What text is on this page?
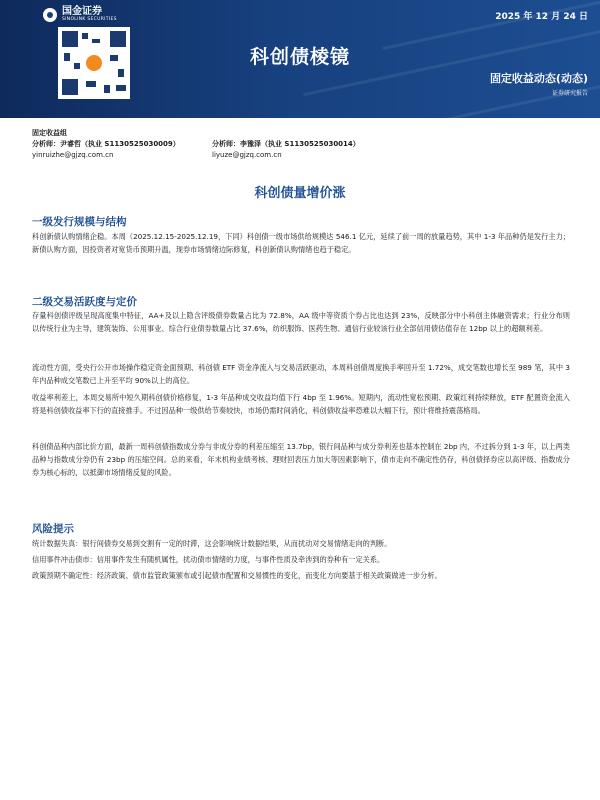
国金证券
SINOLINK SECURITIES	2025 年 12 月 24 日
科创债棱镜
固定收益动态(动态)
证券研究报告
固定收益组
分析师：尹睿哲（执业 S1130525030009）	分析师：李豫泽（执业 S1130525030014）
yinruizhe@gjzq.com.cn	liyuze@gjzq.com.cn
科创债量增价涨
一级发行规模与结构
科创新债认购情绪企稳。本周（2025.12.15-2025.12.19，下同）科创债一级市场供给规模达 546.1 亿元，延续了前一周的放量趋势，其中 1-3 年品种仍是发行主力；新债认购方面，因投资者对宽货币预期升温，现券市场情绪边际修复，科创新债认购情绪也趋于稳定。
二级交易活跃度与定价
存量科创债评级呈现高度集中特征，AA+及以上隐含评级债券数量占比为 72.8%，AA 级中等资质个券占比也达到 23%，反映部分中小科创主体融资需求；行业分布则以传统行业为主导，建筑装饰、公用事业、综合行业债券数量占比 37.6%，纺织服饰、医药生物、通信行业较该行业全部信用债估值存在 12bp 以上的超额利差。
流动性方面，受央行公开市场操作稳定资金面预期、科创债 ETF 资金净流入与交易活跃驱动，本周科创债周度换手率回升至 1.72%，成交笔数也增长至 989 笔，其中 3 年内品种成交笔数已上升至平均 90%以上的高位。
收益率利差上，本周交易所中短久期科创债价格修复，1-3 年品种成交收益均值下行 4bp 至 1.96%。短期内，流动性宽松预期、政策红利持续释放，ETF 配置资金流入将是科创债收益率下行的直接推手。不过因品种一级供给节奏较快，市场仍需时间消化，科创债收益率恐难以大幅下行，预计将维持震荡格局。
科创债品种内部比价方面，最新一周科创债指数成分券与非成分券的利差压缩至 13.7bp，银行间品种与成分券利差也基本控制在 2bp 内，不过拆分到 1-3 年，以上两类品种与指数成分券仍有 23bp 的压缩空间。总的来看，年末机构业绩考核、理财回表压力加大等因素影响下，债市走向不确定性仍存，科创债择券应以高评级、指数成分券为核心标的，以抵御市场情绪反复的风险。
风险提示
统计数据失真：银行间债券交易到交割有一定的时滞，这会影响统计数据结果，从而扰动对交易情绪走向的判断。
信用事件冲击债市：信用事件发生有随机属性，扰动债市情绪的力度，与事件性质及牵涉到的券种有一定关系。
政策预期不确定性：经济政策、债市监管政策颁布或引起债市配置和交易惯性的变化，而变化方向要基于相关政策做进一步分析。
